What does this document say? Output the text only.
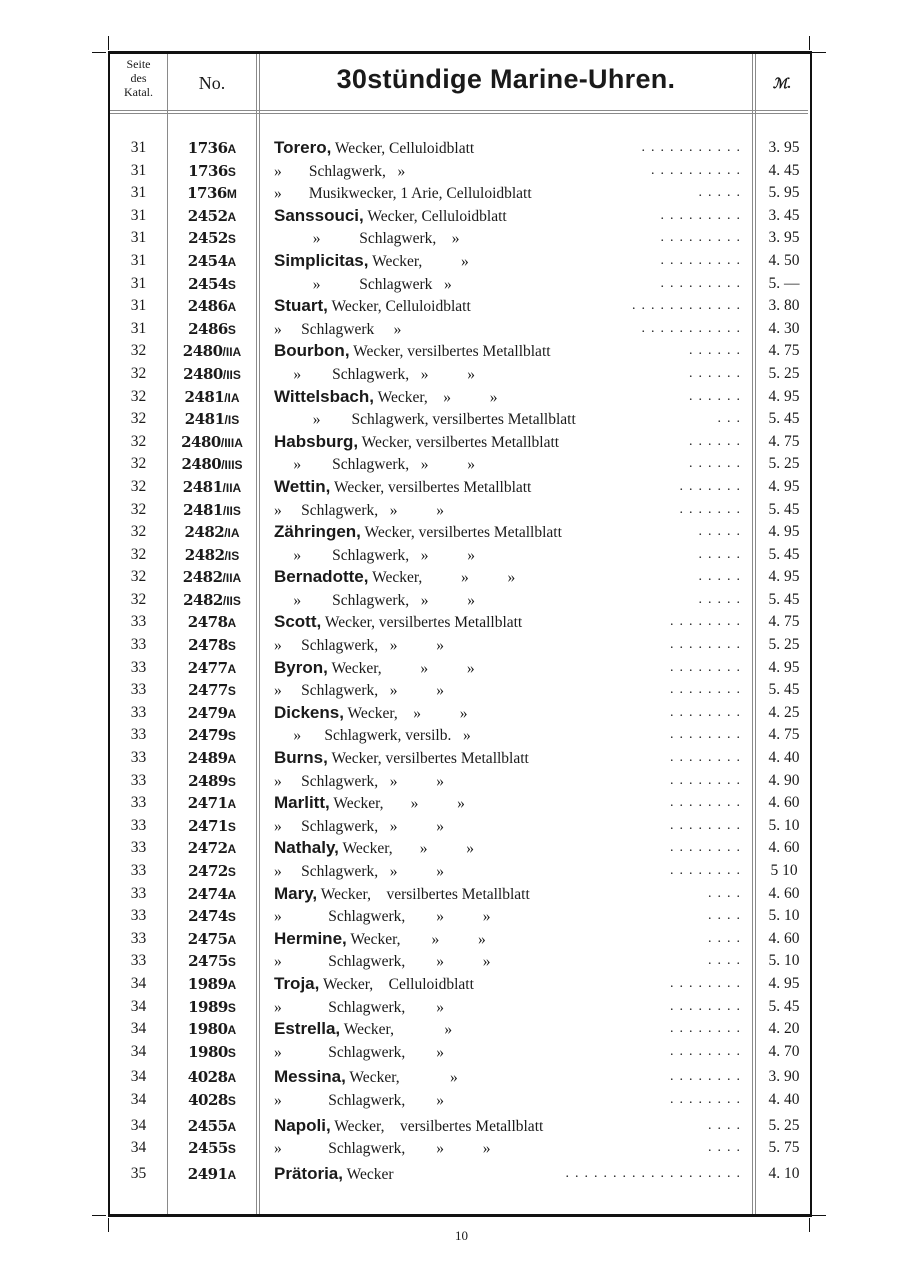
Seite
des
Katal.	No.	30stündige Marine-Uhren.	ℳ.
31	1736A	Torero, Wecker, Celluloidblatt	...........	3. 95
31	1736S	»       Schlagwerk,   »	..........	4. 45
31	1736M	»       Musikwecker, 1 Arie, Celluloidblatt	.....	5. 95
31	2452A	Sanssouci, Wecker, Celluloidblatt	.........	3. 45
31	2452S	»          Schlagwerk,    »	.........	3. 95
31	2454A	Simplicitas, Wecker,          »	.........	4. 50
31	2454S	»          Schlagwerk   »	.........	5. —
31	2486A	Stuart, Wecker, Celluloidblatt	............	3. 80
31	2486S	»     Schlagwerk     »	...........	4. 30
32	2480/IIA	Bourbon, Wecker, versilbertes Metallblatt	......	4. 75
32	2480/IIS	»        Schlagwerk,   »          »	......	5. 25
32	2481/IA	Wittelsbach, Wecker,    »          »	......	4. 95
32	2481/IS	»        Schlagwerk, versilbertes Metallblatt	...	5. 45
32	2480/IIIA	Habsburg, Wecker, versilbertes Metallblatt	......	4. 75
32	2480/IIIS	»        Schlagwerk,   »          »	......	5. 25
32	2481/IIA	Wettin, Wecker, versilbertes Metallblatt	.......	4. 95
32	2481/IIS	»     Schlagwerk,   »          »	.......	5. 45
32	2482/IA	Zähringen, Wecker, versilbertes Metallblatt	.....	4. 95
32	2482/IS	»        Schlagwerk,   »          »	.....	5. 45
32	2482/IIA	Bernadotte, Wecker,          »          »	.....	4. 95
32	2482/IIS	»        Schlagwerk,   »          »	.....	5. 45
33	2478A	Scott, Wecker, versilbertes Metallblatt	........	4. 75
33	2478S	»     Schlagwerk,   »          »	........	5. 25
33	2477A	Byron, Wecker,          »          »	........	4. 95
33	2477S	»     Schlagwerk,   »          »	........	5. 45
33	2479A	Dickens, Wecker,    »          »	........	4. 25
33	2479S	»      Schlagwerk, versilb.   »	........	4. 75
33	2489A	Burns, Wecker, versilbertes Metallblatt	........	4. 40
33	2489S	»     Schlagwerk,   »          »	........	4. 90
33	2471A	Marlitt, Wecker,       »          »	........	4. 60
33	2471S	»     Schlagwerk,   »          »	........	5. 10
33	2472A	Nathaly, Wecker,       »          »	........	4. 60
33	2472S	»     Schlagwerk,   »          »	........	5 10
33	2474A	Mary, Wecker,    versilbertes Metallblatt	....	4. 60
33	2474S	»            Schlagwerk,        »          »	....	5. 10
33	2475A	Hermine, Wecker,        »          »	....	4. 60
33	2475S	»            Schlagwerk,        »          »	....	5. 10
34	1989A	Troja, Wecker,    Celluloidblatt	........	4. 95
34	1989S	»            Schlagwerk,        »	........	5. 45
34	1980A	Estrella, Wecker,             »	........	4. 20
34	1980S	»            Schlagwerk,        »	........	4. 70
34	4028A	Messina, Wecker,             »	........	3. 90
34	4028S	»            Schlagwerk,        »	........	4. 40
34	2455A	Napoli, Wecker,    versilbertes Metallblatt	....	5. 25
34	2455S	»            Schlagwerk,        »          »	....	5. 75
35	2491A	Prätoria, Wecker	...................	4. 10
10
